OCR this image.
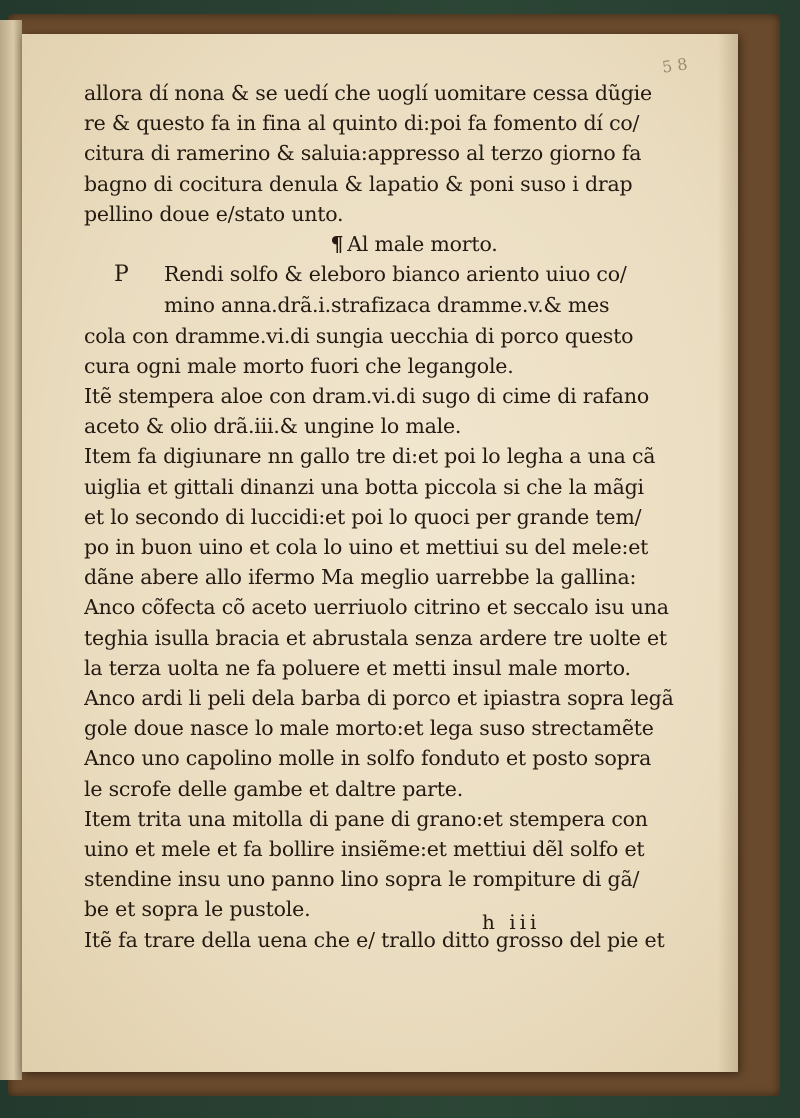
5 8
allora dí nona & se uedí che uoglí uomitare cessa dũgie
re & questo fa in fina al quinto di:poi fa fomento dí co/
citura di ramerino & saluia:appresso al terzo giorno fa
bagno di cocitura denula & lapatio & poni suso i drap
pellino doue e/stato unto.
¶ Al male morto.
P Rendi solfo & eleboro bianco ariento uiuo co/
mino anna.drã.i.strafizaca dramme.v.& mes
cola con dramme.vi.di sungia uecchia di porco questo
cura ogni male morto fuori che legangole.
Itẽ stempera aloe con dram.vi.di sugo di cime di rafano
aceto & olio drã.iii.& ungine lo male.
Item fa digiunare nn gallo tre di:et poi lo legha a una cã
uiglia et gittali dinanzi una botta piccola si che la mãgi
et lo secondo di luccidi:et poi lo quoci per grande tem/
po in buon uino et cola lo uino et mettiui su del mele:et
dãne abere allo ifermo Ma meglio uarrebbe la gallina:
Anco cõfecta cõ aceto uerriuolo citrino et seccalo isu una
teghia isulla bracia et abrustala senza ardere tre uolte et
la terza uolta ne fa poluere et metti insul male morto.
Anco ardi li peli dela barba di porco et ipiastra sopra legã
gole doue nasce lo male morto:et lega suso strectamẽte
Anco uno capolino molle in solfo fonduto et posto sopra
le scrofe delle gambe et daltre parte.
Item trita una mitolla di pane di grano:et stempera con
uino et mele et fa bollire insiẽme:et mettiui dẽl solfo et
stendine insu uno panno lino sopra le rompiture di gã/
be et sopra le pustole.
Itẽ fa trare della uena che e/ trallo ditto grosso del pie et
h iii
